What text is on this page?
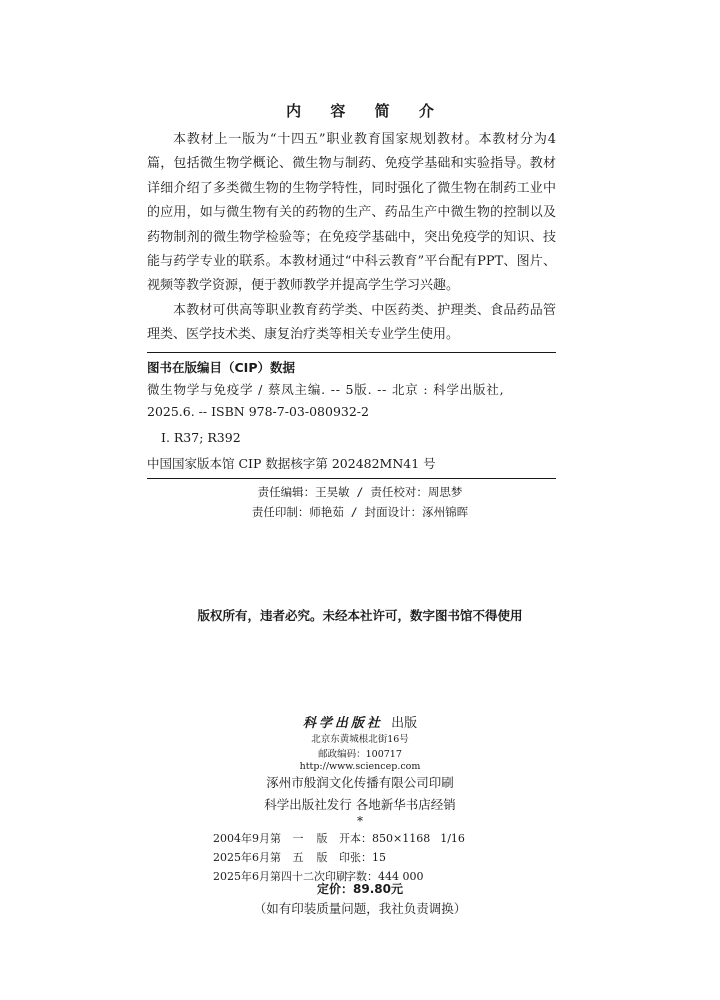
内 容 简 介

本教材上一版为“十四五”职业教育国家规划教材。本教材分为4篇，包括微生物学概论、微生物与制药、免疫学基础和实验指导。教材详细介绍了多类微生物的生物学特性，同时强化了微生物在制药工业中的应用，如与微生物有关的药物的生产、药品生产中微生物的控制以及药物制剂的微生物学检验等；在免疫学基础中，突出免疫学的知识、技能与药学专业的联系。本教材通过“中科云教育”平台配有PPT、图片、视频等教学资源，便于教师教学并提高学生学习兴趣。

本教材可供高等职业教育药学类、中医药类、护理类、食品药品管理类、医学技术类、康复治疗类等相关专业学生使用。

图书在版编目（CIP）数据
微生物学与免疫学 / 蔡凤主编. -- 5版. -- 北京 : 科学出版社,
2025.6. -- ISBN 978-7-03-080932-2
Ⅰ. R37; R392
中国国家版本馆 CIP 数据核字第 202482MN41 号
责任编辑：王昊敏 / 责任校对：周思梦
责任印制：师艳茹 / 封面设计：涿州锦晖
版权所有，违者必究。未经本社许可，数字图书馆不得使用
科学出版社 出版
北京东黄城根北街16号
邮政编码：100717
http://www.sciencep.com
涿州市般润文化传播有限公司印刷
科学出版社发行 各地新华书店经销
*
2004年9月第 一 版 开本：850×1168 1/16
2025年6月第 五 版 印张：15
2025年6月第四十二次印刷字数：444 000
定价：89.80元
（如有印装质量问题，我社负责调换）
